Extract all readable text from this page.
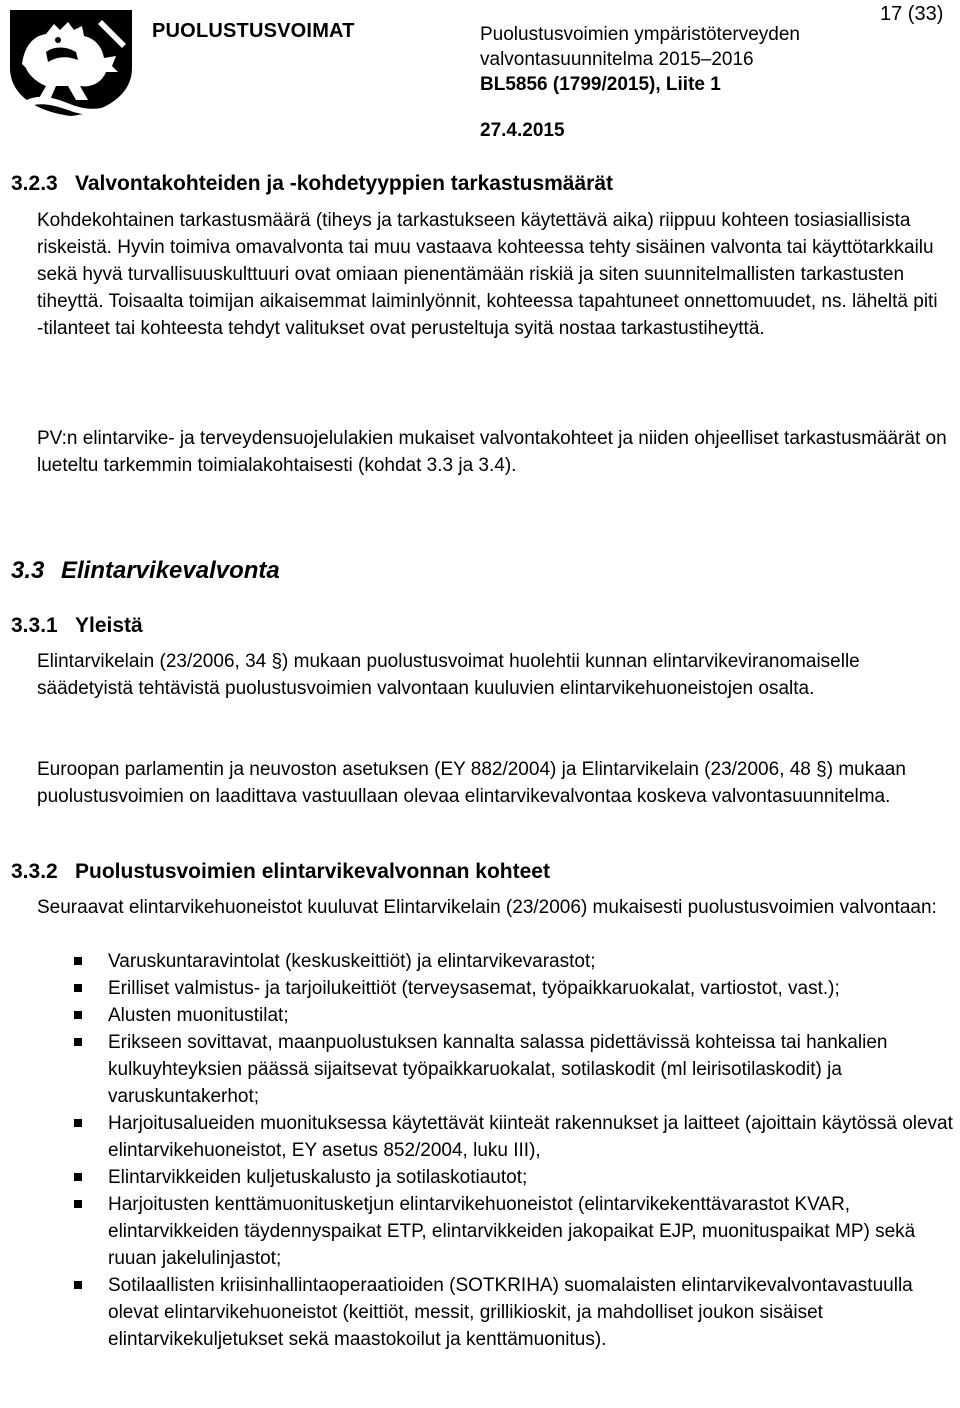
PUOLUSTUSVOIMAT	Puolustusvoimien ympäristöterveyden
valvontasuunnitelma 2015–2016
BL5856 (1799/2015), Liite 1
17 (33)
27.4.2015
3.2.3 Valvontakohteiden ja -kohdetyyppien tarkastusmäärät
Kohdekohtainen tarkastusmäärä (tiheys ja tarkastukseen käytettävä aika) riippuu kohteen tosiasiallisista riskeistä. Hyvin toimiva omavalvonta tai muu vastaava kohteessa tehty sisäinen valvonta tai käyttötarkkailu sekä hyvä turvallisuuskulttuuri ovat omiaan pienentämään riskiä ja siten suunnitelmallisten tarkastusten tiheyttä. Toisaalta toimijan aikaisemmat laiminlyönnit, kohteessa tapahtuneet onnettomuudet, ns. läheltä piti -tilanteet tai kohteesta tehdyt valitukset ovat perusteltuja syitä nostaa tarkastustiheyttä.
PV:n elintarvike- ja terveydensuojelulakien mukaiset valvontakohteet ja niiden ohjeelliset tarkastusmäärät on lueteltu tarkemmin toimialakohtaisesti (kohdat 3.3 ja 3.4).
3.3 Elintarvikevalvonta
3.3.1 Yleistä
Elintarvikelain (23/2006, 34 §) mukaan puolustusvoimat huolehtii kunnan elintarvikeviranomaiselle säädetyistä tehtävistä puolustusvoimien valvontaan kuuluvien elintarvikehuoneistojen osalta.
Euroopan parlamentin ja neuvoston asetuksen (EY 882/2004) ja Elintarvikelain (23/2006, 48 §) mukaan puolustusvoimien on laadittava vastuullaan olevaa elintarvikevalvontaa koskeva valvontasuunnitelma.
3.3.2 Puolustusvoimien elintarvikevalvonnan kohteet
Seuraavat elintarvikehuoneistot kuuluvat Elintarvikelain (23/2006) mukaisesti puolustusvoimien valvontaan:
Varuskuntaravintolat (keskuskeittiöt) ja elintarvikevarastot;
Erilliset valmistus- ja tarjoilukeittiöt (terveysasemat, työpaikkaruokalat, vartiostot, vast.);
Alusten muonitustilat;
Erikseen sovittavat, maanpuolustuksen kannalta salassa pidettävissä kohteissa tai hankalien kulkuyhteyksien päässä sijaitsevat työpaikkaruokalat, sotilaskodit (ml leirisotilaskodit) ja varuskuntakerhot;
Harjoitusalueiden muonituksessa käytettävät kiinteät rakennukset ja laitteet (ajoittain käytössä olevat elintarvikehuoneistot, EY asetus 852/2004, luku III),
Elintarvikkeiden kuljetuskalusto ja sotilaskotiautot;
Harjoitusten kenttämuonitusketjun elintarvikehuoneistot (elintarvikekenttävarastot KVAR, elintarvikkeiden täydennyspaikat ETP, elintarvikkeiden jakopaikat EJP, muonituspaikat MP) sekä ruuan jakelulinjastot;
Sotilaallisten kriisinhallintaoperaatioiden (SOTKRIHA) suomalaisten elintarvikevalvontavastuulla olevat elintarvikehuoneistot (keittiöt, messit, grillikioskit, ja mahdolliset joukon sisäiset elintarvikekuljetukset sekä maastokoilut ja kenttämuonitus).
